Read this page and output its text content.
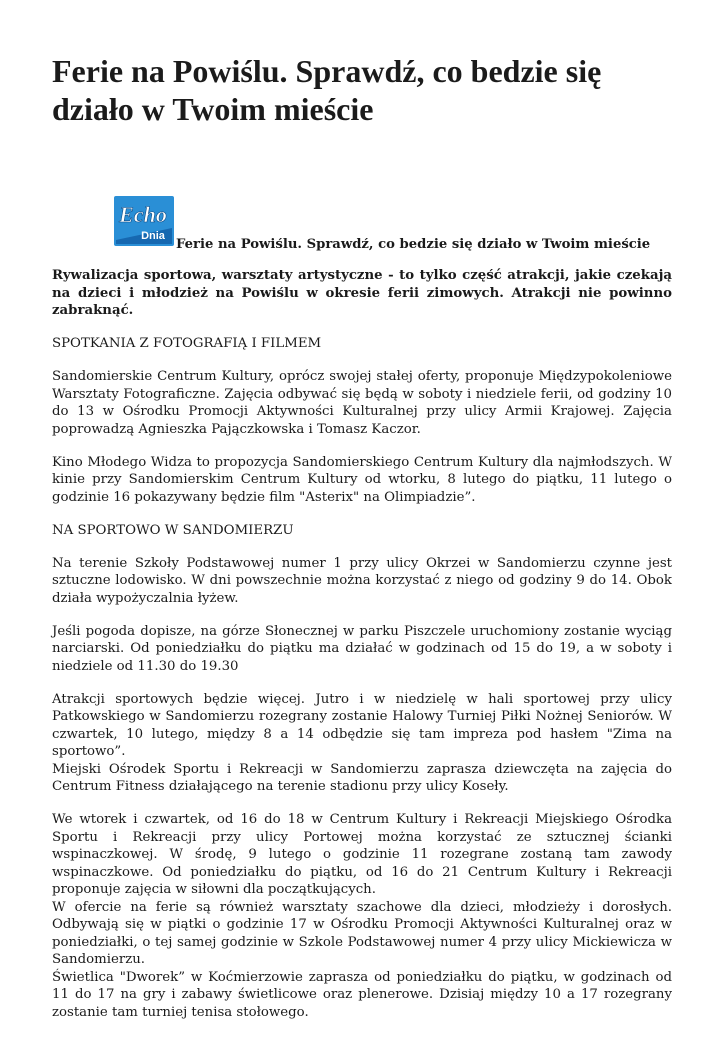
Ferie na Powiślu. Sprawdź, co bedzie się działo w Twoim mieście
Echo
Dnia
Ferie na Powiślu. Sprawdź, co bedzie się działo w Twoim mieście

Rywalizacja sportowa, warsztaty artystyczne - to tylko część atrakcji, jakie czekają na dzieci i młodzież na Powiślu w okresie ferii zimowych. Atrakcji nie powinno zabraknąć.

SPOTKANIA Z FOTOGRAFIĄ I FILMEM

Sandomierskie Centrum Kultury, oprócz swojej stałej oferty, proponuje Międzypokoleniowe Warsztaty Fotograficzne. Zajęcia odbywać się będą w soboty i niedziele ferii, od godziny 10 do 13 w Ośrodku Promocji Aktywności Kulturalnej przy ulicy Armii Krajowej. Zajęcia poprowadzą Agnieszka Pajączkowska i Tomasz Kaczor.

Kino Młodego Widza to propozycja Sandomierskiego Centrum Kultury dla najmłodszych. W kinie przy Sandomierskim Centrum Kultury od wtorku, 8 lutego do piątku, 11 lutego o godzinie 16 pokazywany będzie film "Asterix" na Olimpiadzie”.

NA SPORTOWO W SANDOMIERZU

Na terenie Szkoły Podstawowej numer 1 przy ulicy Okrzei w Sandomierzu czynne jest sztuczne lodowisko. W dni powszechnie można korzystać z niego od godziny 9 do 14. Obok działa wypożyczalnia łyżew.

Jeśli pogoda dopisze, na górze Słonecznej w parku Piszczele uruchomiony zostanie wyciąg narciarski. Od poniedziałku do piątku ma działać w godzinach od 15 do 19, a w soboty i niedziele od 11.30 do 19.30

Atrakcji sportowych będzie więcej. Jutro i w niedzielę w hali sportowej przy ulicy Patkowskiego w Sandomierzu rozegrany zostanie Halowy Turniej Piłki Nożnej Seniorów. W czwartek, 10 lutego, między 8 a 14 odbędzie się tam impreza pod hasłem "Zima na sportowo”.

Miejski Ośrodek Sportu i Rekreacji w Sandomierzu zaprasza dziewczęta na zajęcia do Centrum Fitness działającego na terenie stadionu przy ulicy Koseły.

We wtorek i czwartek, od 16 do 18 w Centrum Kultury i Rekreacji Miejskiego Ośrodka Sportu i Rekreacji przy ulicy Portowej można korzystać ze sztucznej ścianki wspinaczkowej. W środę, 9 lutego o godzinie 11 rozegrane zostaną tam zawody wspinaczkowe. Od poniedziałku do piątku, od 16 do 21 Centrum Kultury i Rekreacji proponuje zajęcia w siłowni dla początkujących.

W ofercie na ferie są również warsztaty szachowe dla dzieci, młodzieży i dorosłych. Odbywają się w piątki o godzinie 17 w Ośrodku Promocji Aktywności Kulturalnej oraz w poniedziałki, o tej samej godzinie w Szkole Podstawowej numer 4 przy ulicy Mickiewicza w Sandomierzu.

Świetlica "Dworek” w Koćmierzowie zaprasza od poniedziałku do piątku, w godzinach od 11 do 17 na gry i zabawy świetlicowe oraz plenerowe. Dzisiaj między 10 a 17 rozegrany zostanie tam turniej tenisa stołowego.
